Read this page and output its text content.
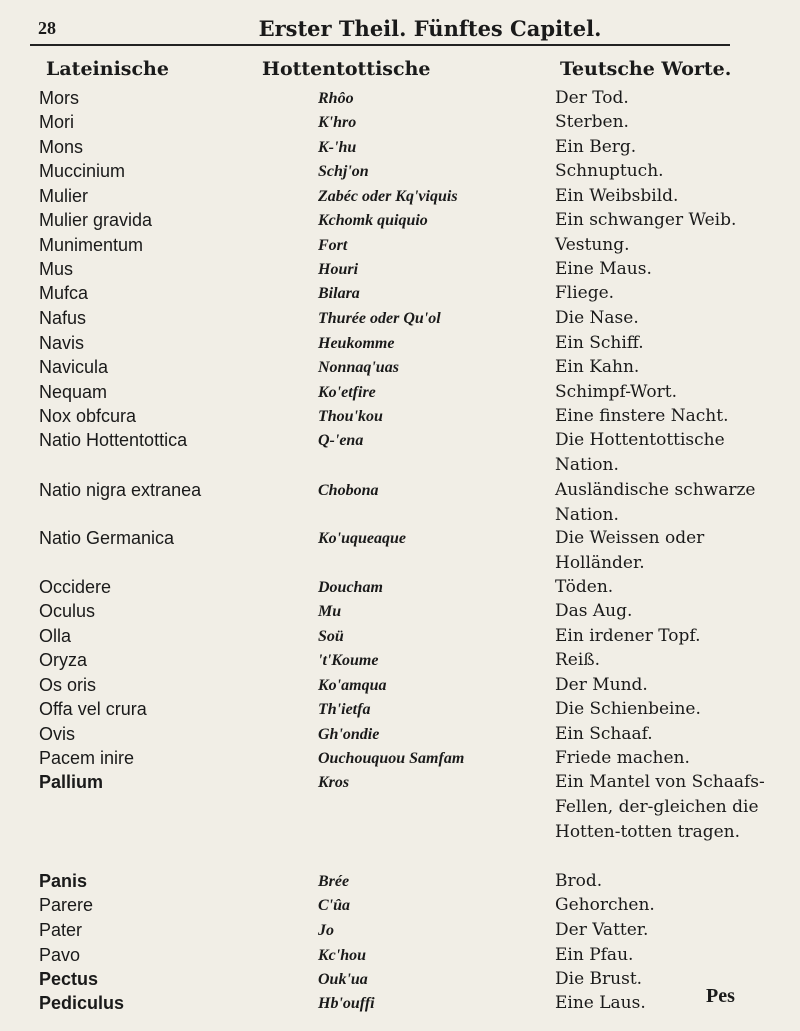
28	Erster Theil. Fünftes Capitel.
Lateinische	Hottentottische	Teutsche Worte.
Mors	Rhôo	Der Tod.
Mori	K'hro	Sterben.
Mons	K-'hu	Ein Berg.
Muccinium	Schj'on	Schnuptuch.
Mulier	Zabéc oder Kq'viquis	Ein Weibsbild.
Mulier gravida	Kchomk quiquio	Ein schwanger Weib.
Munimentum	Fort	Vestung.
Mus	Houri	Eine Maus.
Mufca	Bilara	Fliege.
Nafus	Thurée oder Qu'ol	Die Nase.
Navis	Heukomme	Ein Schiff.
Navicula	Nonnaq'uas	Ein Kahn.
Nequam	Ko'etfire	Schimpf-Wort.
Nox obfcura	Thou'kou	Eine finstere Nacht.
Natio Hottentottica	Q-'ena	Die Hottentottische Nation.
Natio nigra extranea	Chobona	Ausländische schwarze Nation.
Natio Germanica	Ko'uqueaque	Die Weissen oder Holländer.
Occidere	Doucham	Töden.
Oculus	Mu	Das Aug.
Olla	Soü	Ein irdener Topf.
Oryza	't'Koume	Reiß.
Os oris	Ko'amqua	Der Mund.
Offa vel crura	Th'ietfa	Die Schienbeine.
Ovis	Gh'ondie	Ein Schaaf.
Pacem inire	Ouchouquou Samfam	Friede machen.
Pallium	Kros	Ein Mantel von Schaafs-Fellen, der-gleichen die Hotten-totten tragen.
Panis	Brée	Brod.
Parere	C'ûa	Gehorchen.
Pater	Jo	Der Vatter.
Pavo	Kc'hou	Ein Pfau.
Pectus	Ouk'ua	Die Brust.
Pediculus	Hb'ouffi	Eine Laus.	Pes
